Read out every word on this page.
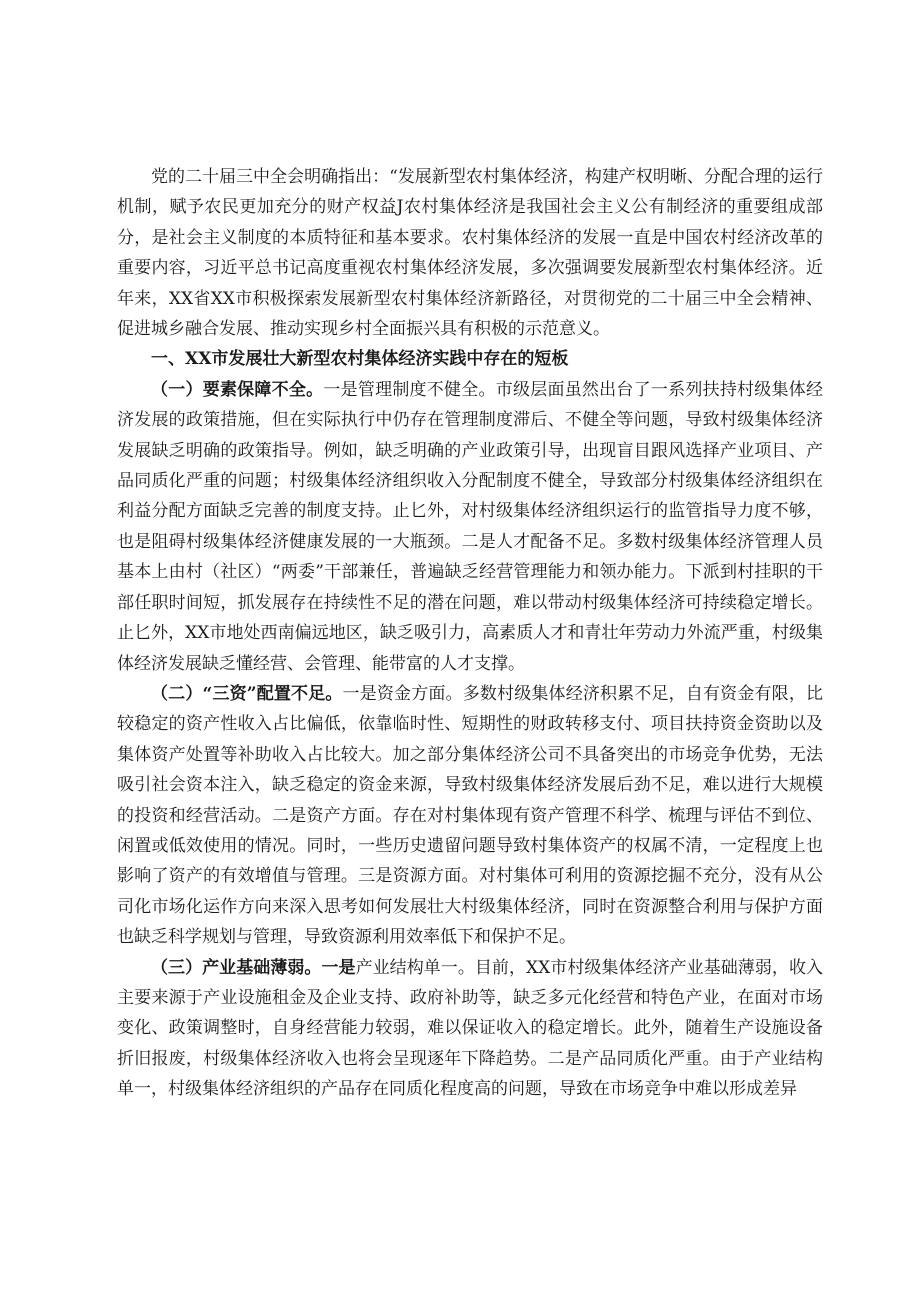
党的二十届三中全会明确指出：“发展新型农村集体经济，构建产权明晰、分配合理的运行机制，赋予农民更加充分的财产权益J农村集体经济是我国社会主义公有制经济的重要组成部分，是社会主义制度的本质特征和基本要求。农村集体经济的发展一直是中国农村经济改革的重要内容，习近平总书记高度重视农村集体经济发展，多次强调要发展新型农村集体经济。近年来，XX省XX市积极探索发展新型农村集体经济新路径，对贯彻党的二十届三中全会精神、促进城乡融合发展、推动实现乡村全面振兴具有积极的示范意义。

一、XX市发展壮大新型农村集体经济实践中存在的短板

（一）要素保障不全。一是管理制度不健全。市级层面虽然出台了一系列扶持村级集体经济发展的政策措施，但在实际执行中仍存在管理制度滞后、不健全等问题，导致村级集体经济发展缺乏明确的政策指导。例如，缺乏明确的产业政策引导，出现盲目跟风选择产业项目、产品同质化严重的问题；村级集体经济组织收入分配制度不健全，导致部分村级集体经济组织在利益分配方面缺乏完善的制度支持。止匕外，对村级集体经济组织运行的监管指导力度不够，也是阻碍村级集体经济健康发展的一大瓶颈。二是人才配备不足。多数村级集体经济管理人员基本上由村（社区）“两委”干部兼任，普遍缺乏经营管理能力和领办能力。下派到村挂职的干部任职时间短，抓发展存在持续性不足的潜在问题，难以带动村级集体经济可持续稳定增长。止匕外，XX市地处西南偏远地区，缺乏吸引力，高素质人才和青壮年劳动力外流严重，村级集体经济发展缺乏懂经营、会管理、能带富的人才支撑。

（二）“三资”配置不足。一是资金方面。多数村级集体经济积累不足，自有资金有限，比较稳定的资产性收入占比偏低，依靠临时性、短期性的财政转移支付、项目扶持资金资助以及集体资产处置等补助收入占比较大。加之部分集体经济公司不具备突出的市场竞争优势，无法吸引社会资本注入，缺乏稳定的资金来源，导致村级集体经济发展后劲不足，难以进行大规模的投资和经营活动。二是资产方面。存在对村集体现有资产管理不科学、梳理与评估不到位、闲置或低效使用的情况。同时，一些历史遗留问题导致村集体资产的权属不清，一定程度上也影响了资产的有效增值与管理。三是资源方面。对村集体可利用的资源挖掘不充分，没有从公司化市场化运作方向来深入思考如何发展壮大村级集体经济，同时在资源整合利用与保护方面也缺乏科学规划与管理，导致资源利用效率低下和保护不足。

（三）产业基础薄弱。一是产业结构单一。目前，XX市村级集体经济产业基础薄弱，收入主要来源于产业设施租金及企业支持、政府补助等，缺乏多元化经营和特色产业，在面对市场变化、政策调整时，自身经营能力较弱，难以保证收入的稳定增长。此外，随着生产设施设备折旧报废，村级集体经济收入也将会呈现逐年下降趋势。二是产品同质化严重。由于产业结构单一，村级集体经济组织的产品存在同质化程度高的问题，导致在市场竞争中难以形成差异
